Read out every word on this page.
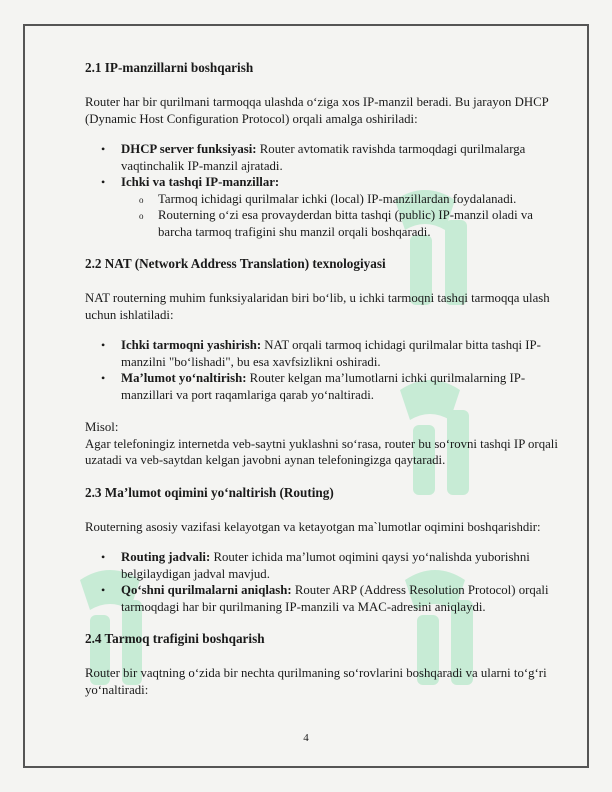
2.1 IP-manzillarni boshqarish

Router har bir qurilmani tarmoqqa ulashda o‘ziga xos IP-manzil beradi. Bu jarayon DHCP (Dynamic Host Configuration Protocol) orqali amalga oshiriladi:

• DHCP server funksiyasi: Router avtomatik ravishda tarmoqdagi qurilmalarga vaqtinchalik IP-manzil ajratadi.
• Ichki va tashqi IP-manzillar:
o Tarmoq ichidagi qurilmalar ichki (local) IP-manzillardan foydalanadi.
o Routerning o‘zi esa provayderdan bitta tashqi (public) IP-manzil oladi va barcha tarmoq trafigini shu manzil orqali boshqaradi.
2.2 NAT (Network Address Translation) texnologiyasi

NAT routerning muhim funksiyalaridan biri bo‘lib, u ichki tarmoqni tashqi tarmoqqa ulash uchun ishlatiladi:

• Ichki tarmoqni yashirish: NAT orqali tarmoq ichidagi qurilmalar bitta tashqi IP-manzilni "bo‘lishadi", bu esa xavfsizlikni oshiradi.
• Ma’lumot yo‘naltirish: Router kelgan ma’lumotlarni ichki qurilmalarning IP-manzillari va port raqamlariga qarab yo‘naltiradi.

Misol:
Agar telefoningiz internetda veb-saytni yuklashni so‘rasa, router bu so‘rovni tashqi IP orqali uzatadi va veb-saytdan kelgan javobni aynan telefoningizga qaytaradi.

2.3 Ma’lumot oqimini yo‘naltirish (Routing)

Routerning asosiy vazifasi kelayotgan va ketayotgan ma`lumotlar oqimini boshqarishdir:

• Routing jadvali: Router ichida ma’lumot oqimini qaysi yo‘nalishda yuborishni belgilaydigan jadval mavjud.
• Qo‘shni qurilmalarni aniqlash: Router ARP (Address Resolution Protocol) orqali tarmoqdagi har bir qurilmaning IP-manzili va MAC-adresini aniqlaydi.
2.4 Tarmoq trafigini boshqarish

Router bir vaqtning o‘zida bir nechta qurilmaning so‘rovlarini boshqaradi va ularni to‘g‘ri yo‘naltiradi:

4
